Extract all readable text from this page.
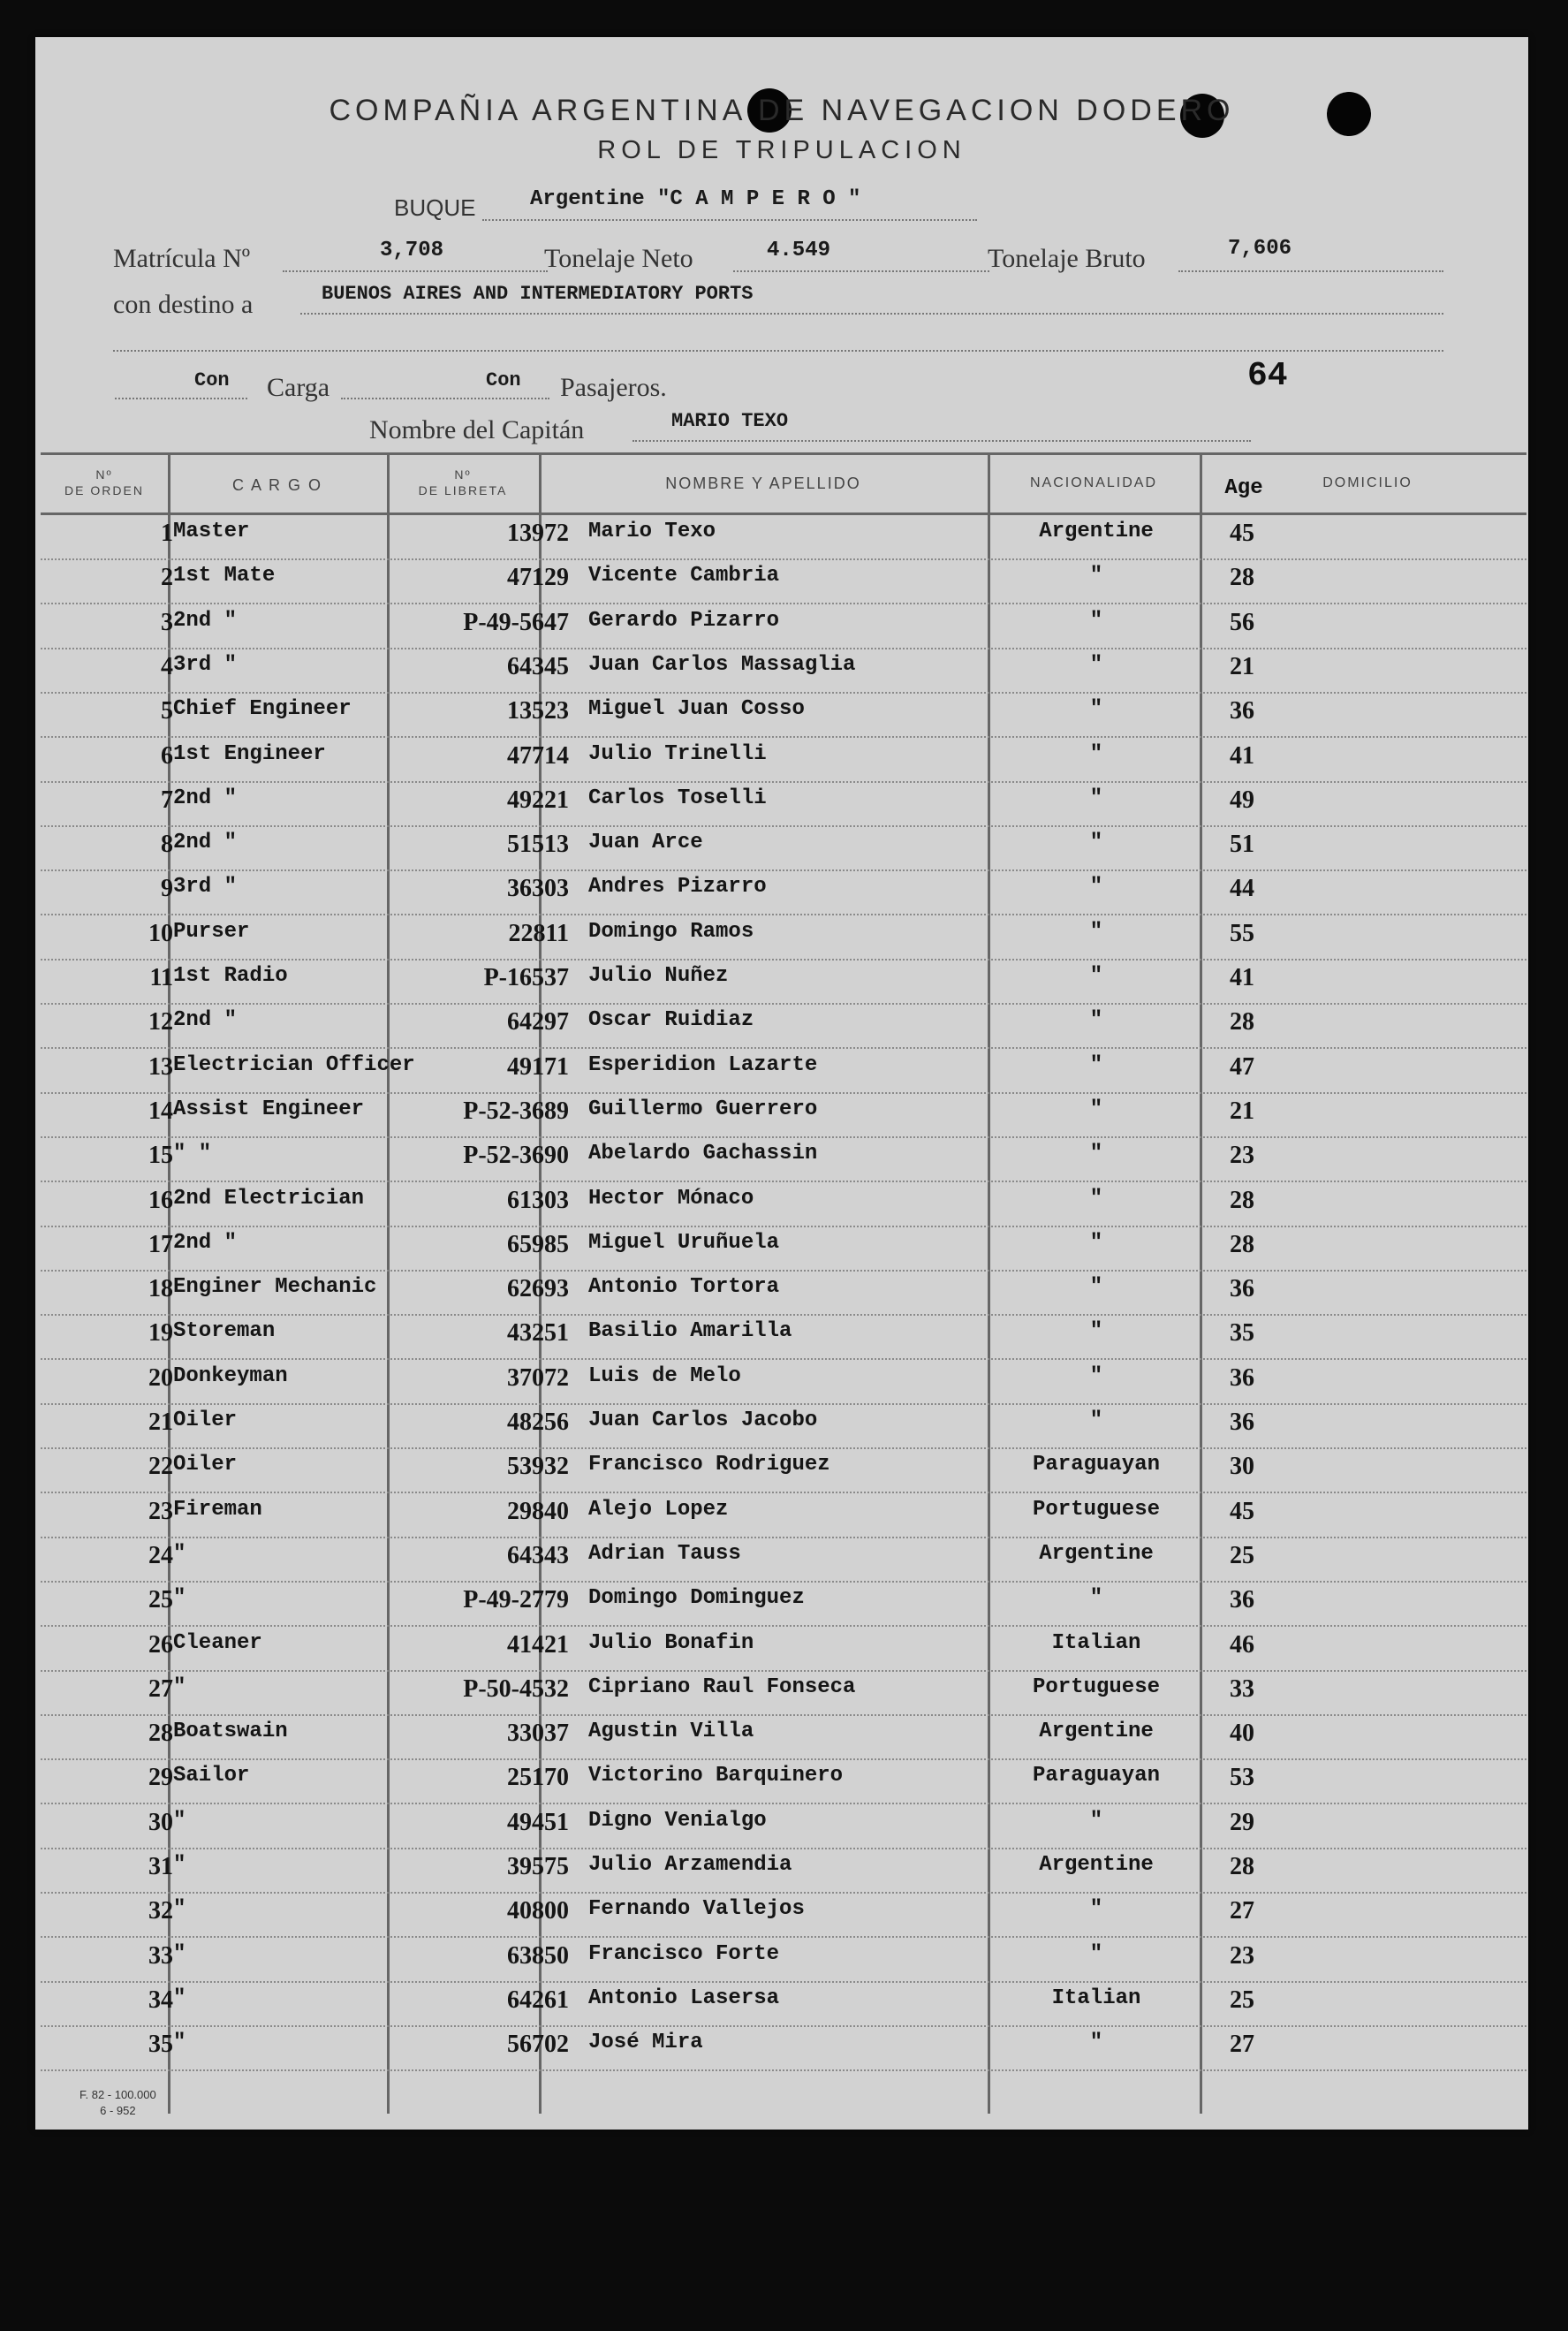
COMPAÑIA ARGENTINA DE NAVEGACION DODERO
ROL DE TRIPULACION
BUQUE	Argentine "C A M P E R O "
Matrícula Nº	3,708	Tonelaje Neto	4.549	Tonelaje Bruto	7,606
con destino a	BUENOS AIRES AND INTERMEDIATORY PORTS
Con Carga	Con Pasajeros.	64
Nombre del Capitán	MARIO TEXO
Nº
DE ORDEN	C A R G O
Nº
DE LIBRETA	NOMBRE Y APELLIDO	NACIONALIDAD	Age	DOMICILIO
1 Master	13972 Mario Texo	Argentine	45
2 1st Mate	47129 Vicente Cambria	"	28
3 2nd "	P-49-5647 Gerardo Pizarro	"	56
4 3rd "	64345 Juan Carlos Massaglia	"	21
5 Chief Engineer	13523 Miguel Juan Cosso	"	36
6 1st Engineer	47714 Julio Trinelli	"	41
7 2nd "	49221 Carlos Toselli	"	49
8 2nd "	51513 Juan Arce	"	51
9 3rd "	36303 Andres Pizarro	"	44
10 Purser	22811 Domingo Ramos	"	55
11 1st Radio	P-16537 Julio Nuñez	"	41
12 2nd "	64297 Oscar Ruidiaz	"	28
13 Electrician Officer	49171 Esperidion Lazarte	"	47
14 Assist Engineer	P-52-3689 Guillermo Guerrero	"	21
15 " "	P-52-3690 Abelardo Gachassin	"	23
16 2nd Electrician	61303 Hector Mónaco	"	28
17 2nd "	65985 Miguel Uruñuela	"	28
18 Enginer Mechanic	62693 Antonio Tortora	"	36
19 Storeman	43251 Basilio Amarilla	"	35
20 Donkeyman	37072 Luis de Melo	"	36
21 Oiler	48256 Juan Carlos Jacobo	"	36
22 Oiler	53932 Francisco Rodriguez	Paraguayan	30
23 Fireman	29840 Alejo Lopez	Portuguese	45
24 "	64343 Adrian Tauss	Argentine	25
25 "	P-49-2779 Domingo Dominguez	"	36
26 Cleaner	41421 Julio Bonafin	Italian	46
27 "	P-50-4532 Cipriano Raul Fonseca	Portuguese	33
28 Boatswain	33037 Agustin Villa	Argentine	40
29 Sailor	25170 Victorino Barquinero	Paraguayan	53
30 "	49451 Digno Venialgo	"	29
31 "	39575 Julio Arzamendia	Argentine	28
32 "	40800 Fernando Vallejos	"	27
33 "	63850 Francisco Forte	"	23
34 "	64261 Antonio Lasersa	Italian	25
35 "	56702 José Mira	"	27
F. 82 - 100.000
6 - 952
